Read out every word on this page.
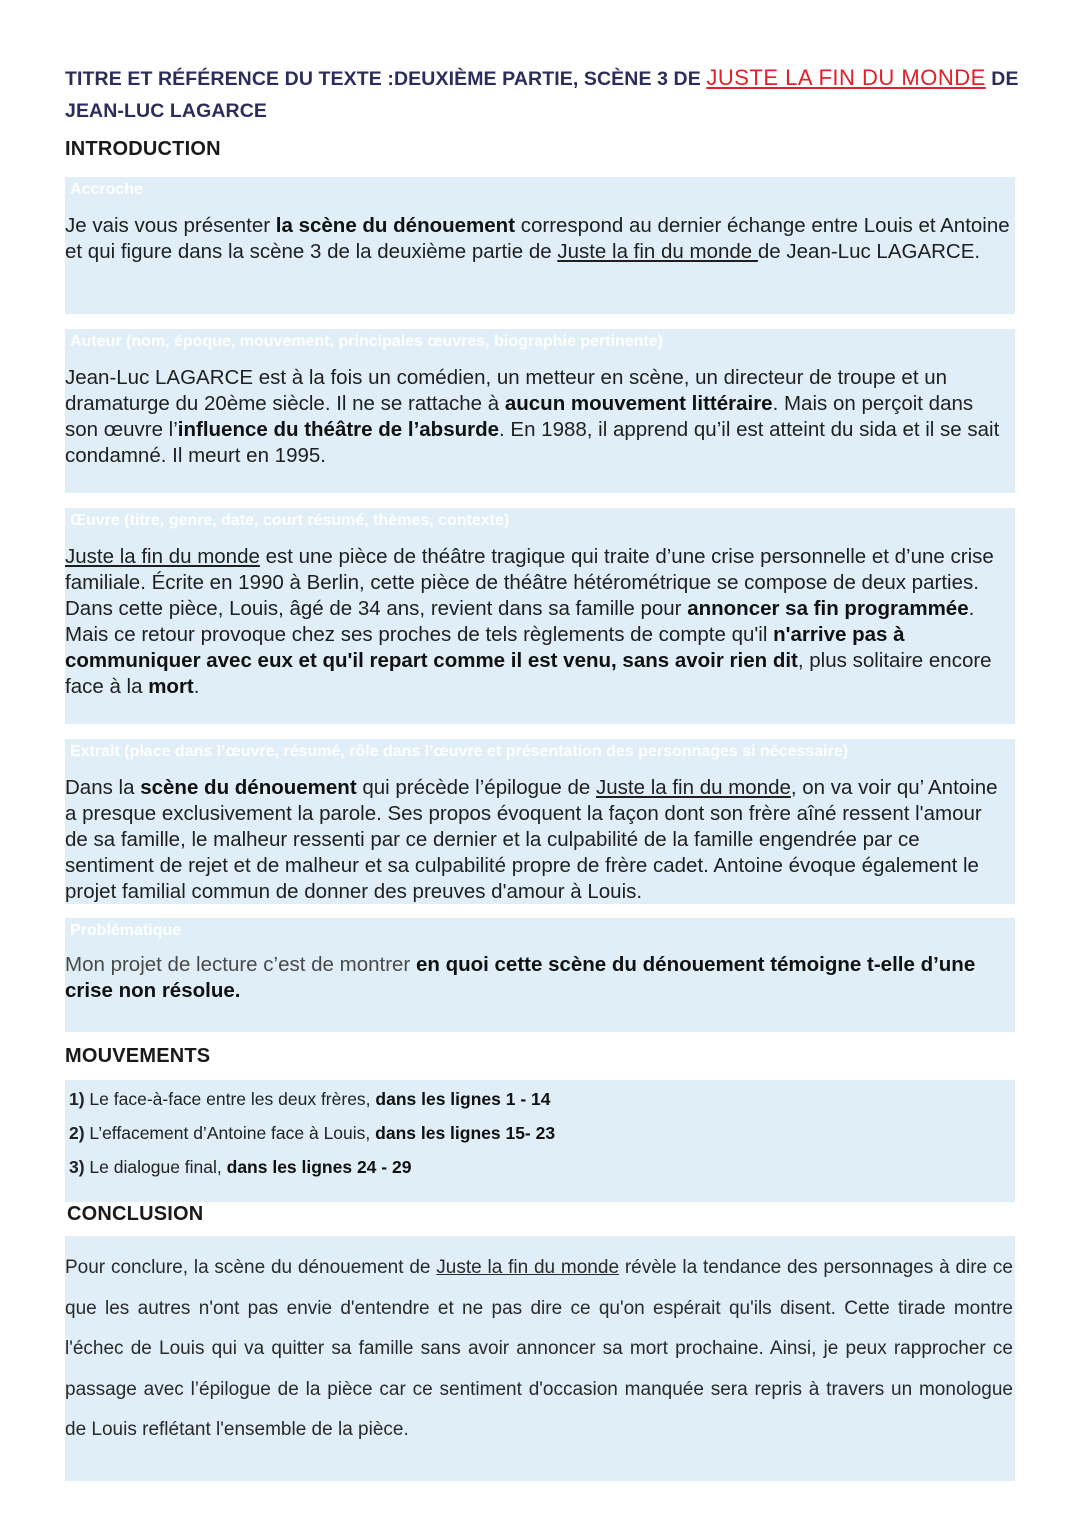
TITRE ET RÉFÉRENCE DU TEXTE :DEUXIÈME PARTIE, SCÈNE 3 DE JUSTE LA FIN DU MONDE DE
JEAN-LUC LAGARCE
INTRODUCTION
Accroche
Je vais vous présenter la scène du dénouement correspond au dernier échange entre Louis et Antoine et qui figure dans la scène 3 de la deuxième partie de Juste la fin du monde de Jean-Luc LAGARCE.
Auteur (nom, époque, mouvement, principales œuvres, biographie pertinente)
Jean-Luc LAGARCE est à la fois un comédien, un metteur en scène, un directeur de troupe et un dramaturge du 20ème siècle. Il ne se rattache à aucun mouvement littéraire. Mais on perçoit dans son œuvre l’influence du théâtre de l’absurde. En 1988, il apprend qu’il est atteint du sida et il se sait condamné. Il meurt en 1995.
Œuvre (titre, genre, date, court résumé, thèmes, contexte)
Juste la fin du monde est une pièce de théâtre tragique qui traite d’une crise personnelle et d’une crise familiale. Écrite en 1990 à Berlin, cette pièce de théâtre hétérométrique se compose de deux parties. Dans cette pièce, Louis, âgé de 34 ans, revient dans sa famille pour annoncer sa fin programmée. Mais ce retour provoque chez ses proches de tels règlements de compte qu'il n'arrive pas à communiquer avec eux et qu'il repart comme il est venu, sans avoir rien dit, plus solitaire encore face à la mort.
Extrait (place dans l’œuvre, résumé, rôle dans l’œuvre et présentation des personnages si nécessaire)
Dans la scène du dénouement qui précède l’épilogue de Juste la fin du monde, on va voir qu’ Antoine a presque exclusivement la parole. Ses propos évoquent la façon dont son frère aîné ressent l'amour de sa famille, le malheur ressenti par ce dernier et la culpabilité de la famille engendrée par ce sentiment de rejet et de malheur et sa culpabilité propre de frère cadet. Antoine évoque également le projet familial commun de donner des preuves d'amour à Louis.
Problématique
Mon projet de lecture c’est de montrer en quoi cette scène du dénouement témoigne t-elle d’une crise non résolue.
MOUVEMENTS
1) Le face-à-face entre les deux frères, dans les lignes 1 - 14
2) L’effacement d’Antoine face à Louis, dans les lignes 15- 23
3) Le dialogue final, dans les lignes 24 - 29
CONCLUSION
Pour conclure, la scène du dénouement de Juste la fin du monde révèle la tendance des personnages à dire ce que les autres n'ont pas envie d'entendre et ne pas dire ce qu'on espérait qu'ils disent. Cette tirade montre l'échec de Louis qui va quitter sa famille sans avoir annoncer sa mort prochaine. Ainsi, je peux rapprocher ce passage avec l’épilogue de la pièce car ce sentiment d'occasion manquée sera repris à travers un monologue de Louis reflétant l'ensemble de la pièce.
